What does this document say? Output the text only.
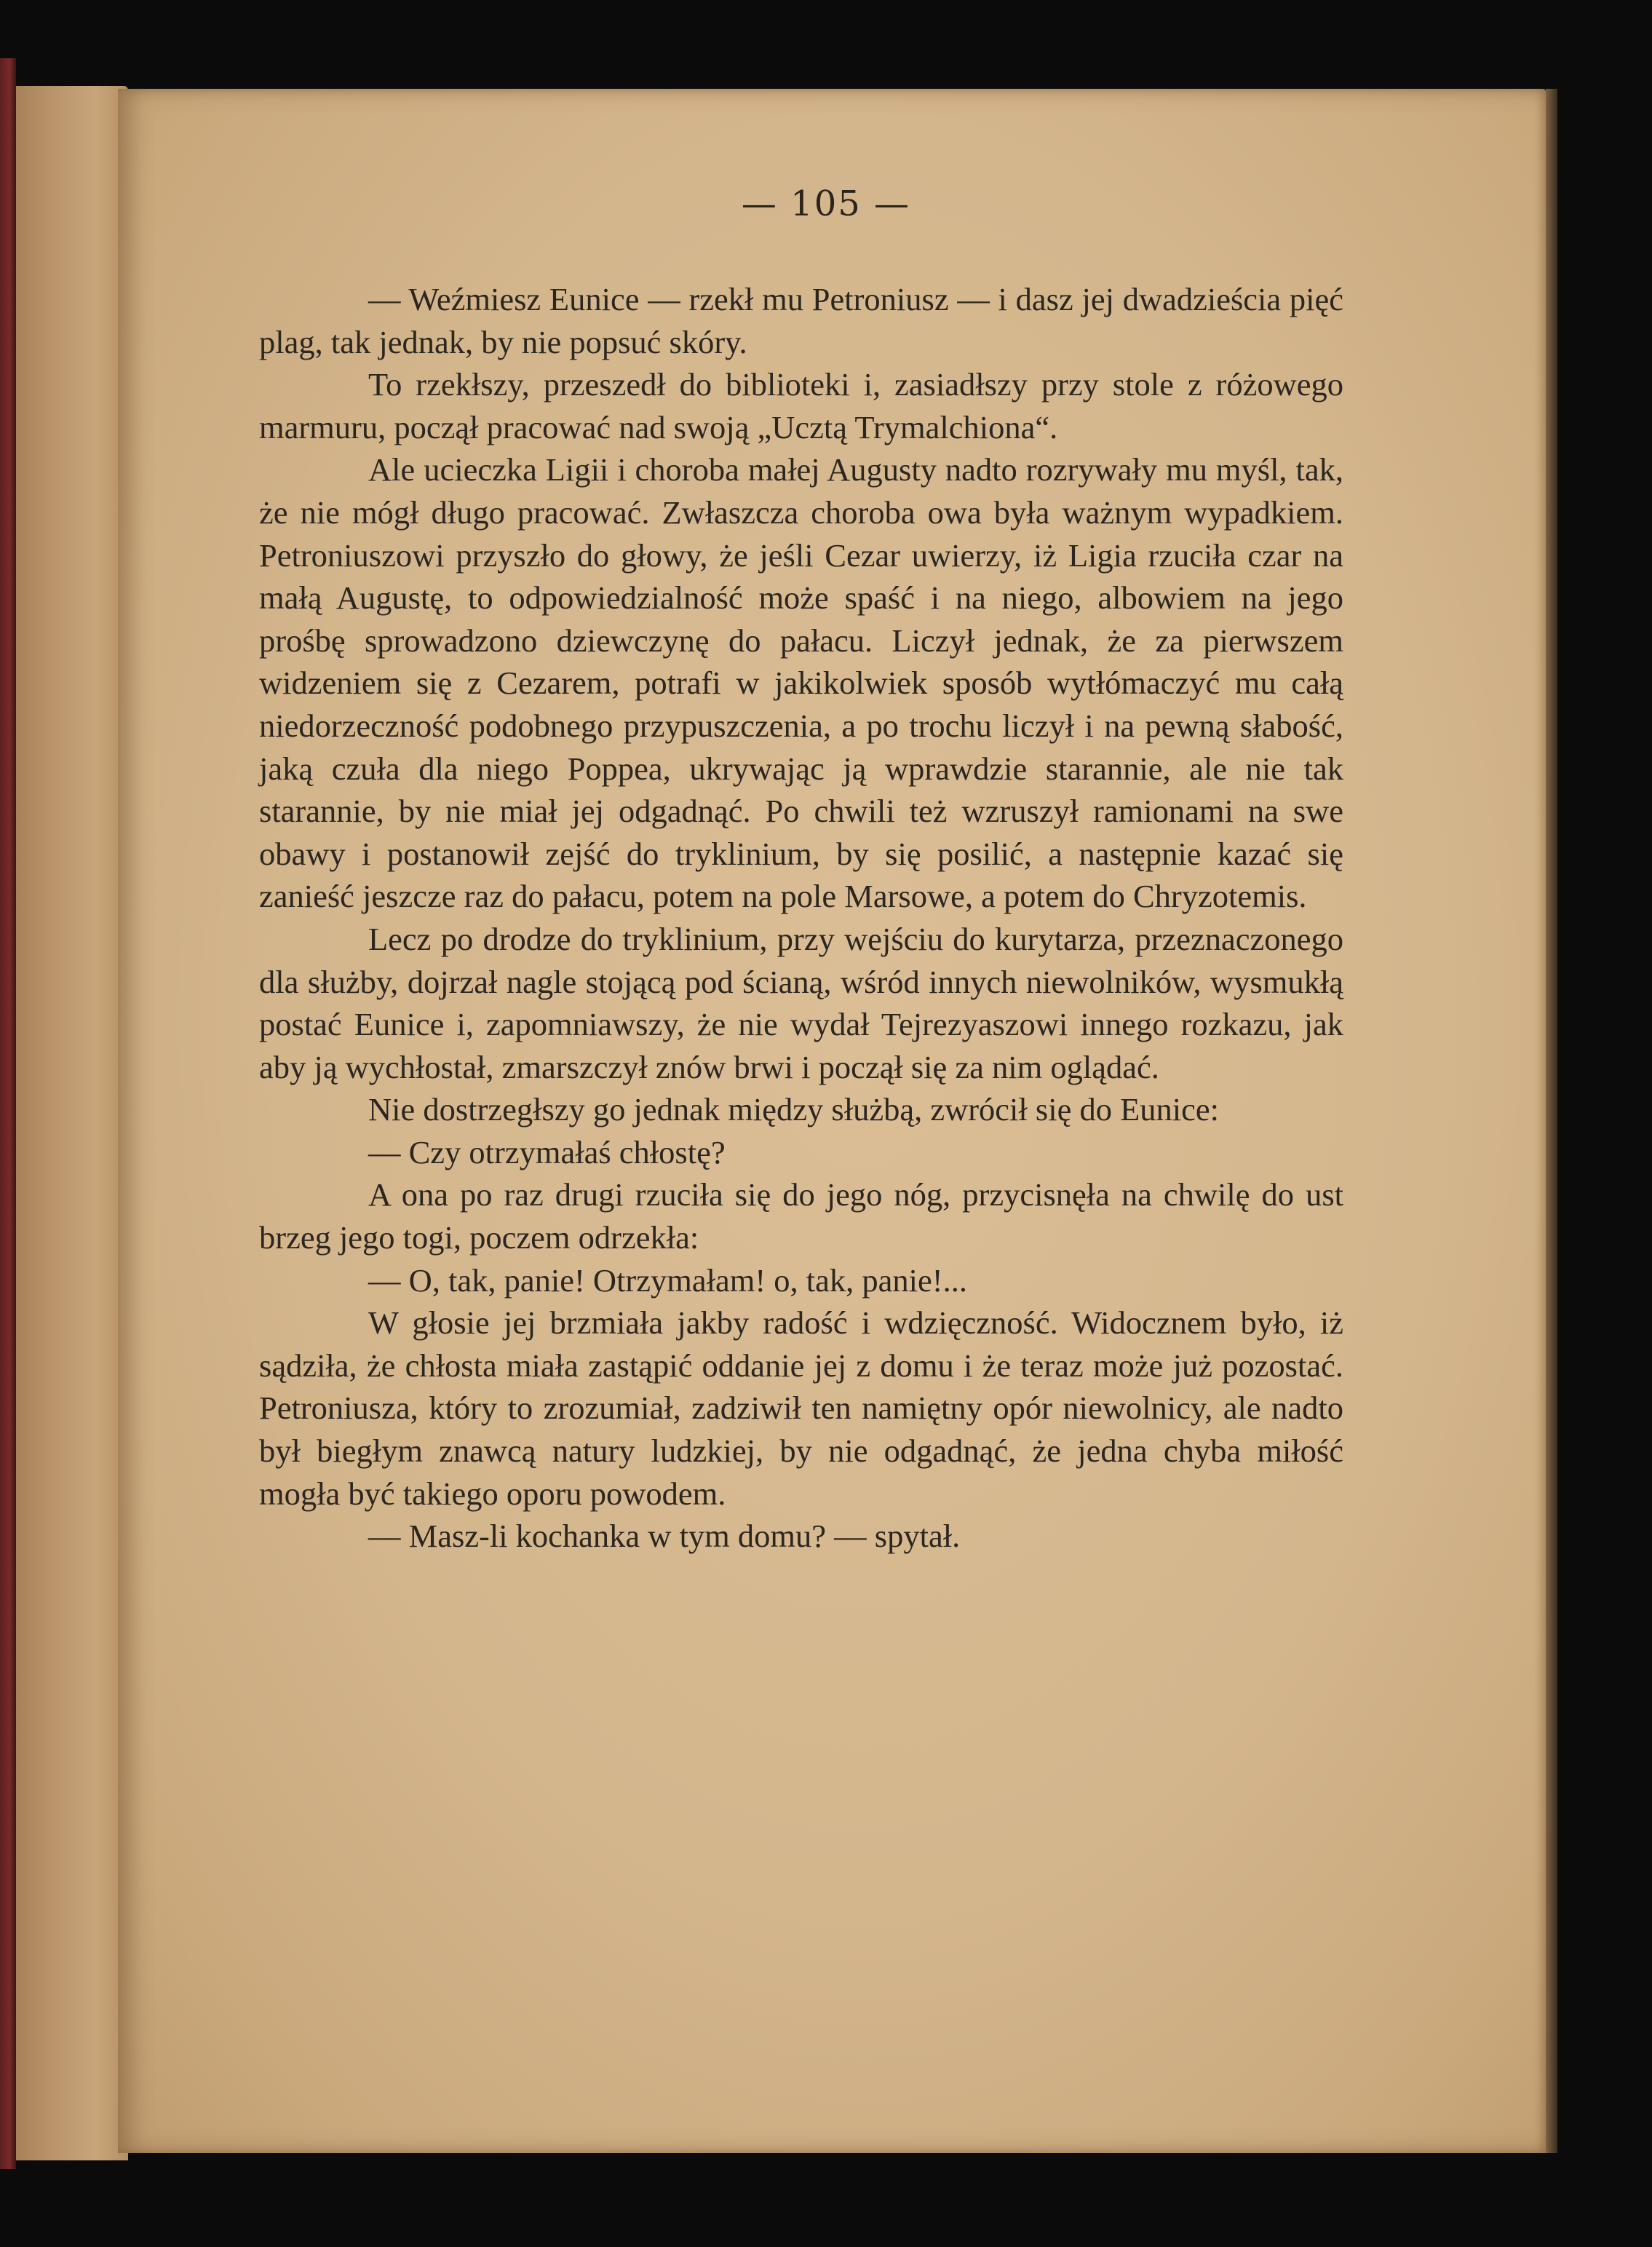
— 105 —

— Weźmiesz Eunice — rzekł mu Petroniusz — i dasz jej dwadzieścia pięć plag, tak jednak, by nie popsuć skóry.

To rzekłszy, przeszedł do biblioteki i, zasiadłszy przy stole z różowego marmuru, począł pracować nad swoją „Ucztą Trymalchiona“.

Ale ucieczka Ligii i choroba małej Augusty nadto rozrywały mu myśl, tak, że nie mógł długo pracować. Zwłaszcza choroba owa była ważnym wypadkiem. Petroniuszowi przyszło do głowy, że jeśli Cezar uwierzy, iż Ligia rzuciła czar na małą Augustę, to odpowiedzialność może spaść i na niego, albowiem na jego prośbę sprowadzono dziewczynę do pałacu. Liczył jednak, że za pierwszem widzeniem się z Cezarem, potrafi w jakikolwiek sposób wytłómaczyć mu całą niedorzeczność podobnego przypuszczenia, a po trochu liczył i na pewną słabość, jaką czuła dla niego Poppea, ukrywając ją wprawdzie starannie, ale nie tak starannie, by nie miał jej odgadnąć. Po chwili też wzruszył ramionami na swe obawy i postanowił zejść do tryklinium, by się posilić, a następnie kazać się zanieść jeszcze raz do pałacu, potem na pole Marsowe, a potem do Chryzotemis.

Lecz po drodze do tryklinium, przy wejściu do kurytarza, przeznaczonego dla służby, dojrzał nagle stojącą pod ścianą, wśród innych niewolników, wysmukłą postać Eunice i, zapomniawszy, że nie wydał Tejrezyaszowi innego rozkazu, jak aby ją wychłostał, zmarszczył znów brwi i począł się za nim oglądać.

Nie dostrzegłszy go jednak między służbą, zwrócił się do Eunice:

— Czy otrzymałaś chłostę?

A ona po raz drugi rzuciła się do jego nóg, przycisnęła na chwilę do ust brzeg jego togi, poczem odrzekła:

— O, tak, panie! Otrzymałam! o, tak, panie!...

W głosie jej brzmiała jakby radość i wdzięczność. Widocznem było, iż sądziła, że chłosta miała zastąpić oddanie jej z domu i że teraz może już pozostać. Petroniusza, który to zrozumiał, zadziwił ten namiętny opór niewolnicy, ale nadto był biegłym znawcą natury ludzkiej, by nie odgadnąć, że jedna chyba miłość mogła być takiego oporu powodem.

— Masz-li kochanka w tym domu? — spytał.
